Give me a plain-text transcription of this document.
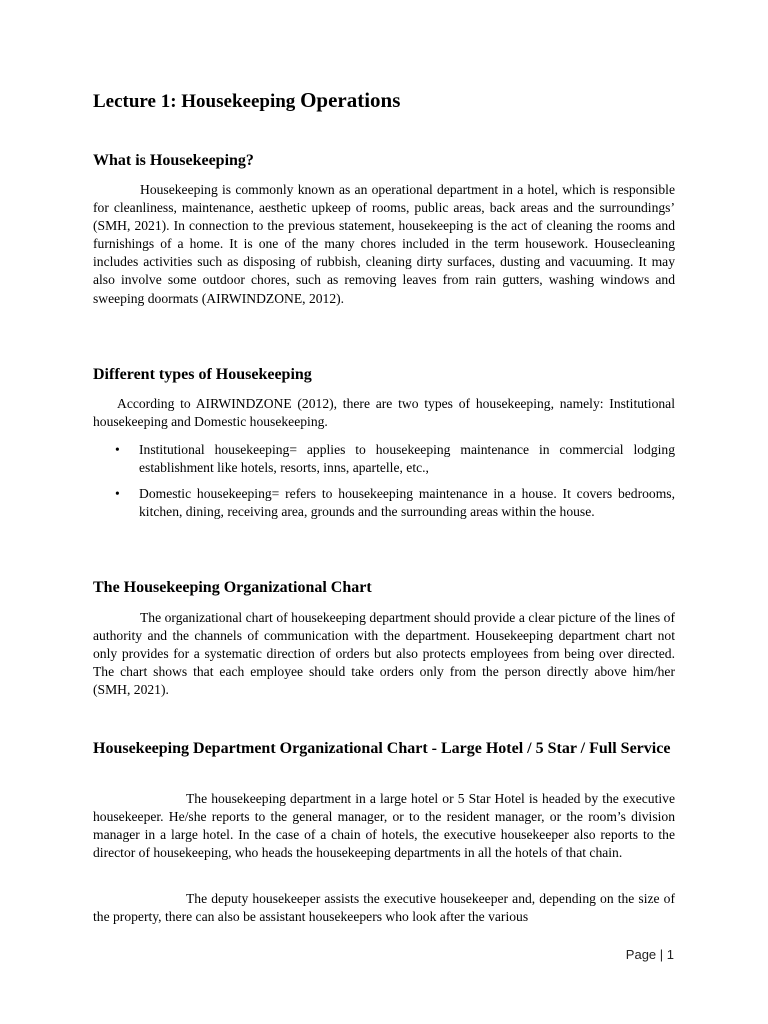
Lecture 1: Housekeeping Operations
What is Housekeeping?

Housekeeping is commonly known as an operational department in a hotel, which is responsible for cleanliness, maintenance, aesthetic upkeep of rooms, public areas, back areas and the surroundings’ (SMH, 2021). In connection to the previous statement, housekeeping is the act of cleaning the rooms and furnishings of a home. It is one of the many chores included in the term housework. Housecleaning includes activities such as disposing of rubbish, cleaning dirty surfaces, dusting and vacuuming. It may also involve some outdoor chores, such as removing leaves from rain gutters, washing windows and sweeping doormats (AIRWINDZONE, 2012).

Different types of Housekeeping

According to AIRWINDZONE (2012), there are two types of housekeeping, namely: Institutional housekeeping and Domestic housekeeping.

• Institutional housekeeping= applies to housekeeping maintenance in commercial lodging establishment like hotels, resorts, inns, apartelle, etc.,
• Domestic housekeeping= refers to housekeeping maintenance in a house. It covers bedrooms, kitchen, dining, receiving area, grounds and the surrounding areas within the house.
The Housekeeping Organizational Chart

The organizational chart of housekeeping department should provide a clear picture of the lines of authority and the channels of communication with the department. Housekeeping department chart not only provides for a systematic direction of orders but also protects employees from being over directed. The chart shows that each employee should take orders only from the person directly above him/her (SMH, 2021).

Housekeeping Department Organizational Chart - Large Hotel / 5 Star / Full Service

The housekeeping department in a large hotel or 5 Star Hotel is headed by the executive housekeeper. He/she reports to the general manager, or to the resident manager, or the room’s division manager in a large hotel. In the case of a chain of hotels, the executive housekeeper also reports to the director of housekeeping, who heads the housekeeping departments in all the hotels of that chain.

The deputy housekeeper assists the executive housekeeper and, depending on the size of the property, there can also be assistant housekeepers who look after the various

Page | 1
